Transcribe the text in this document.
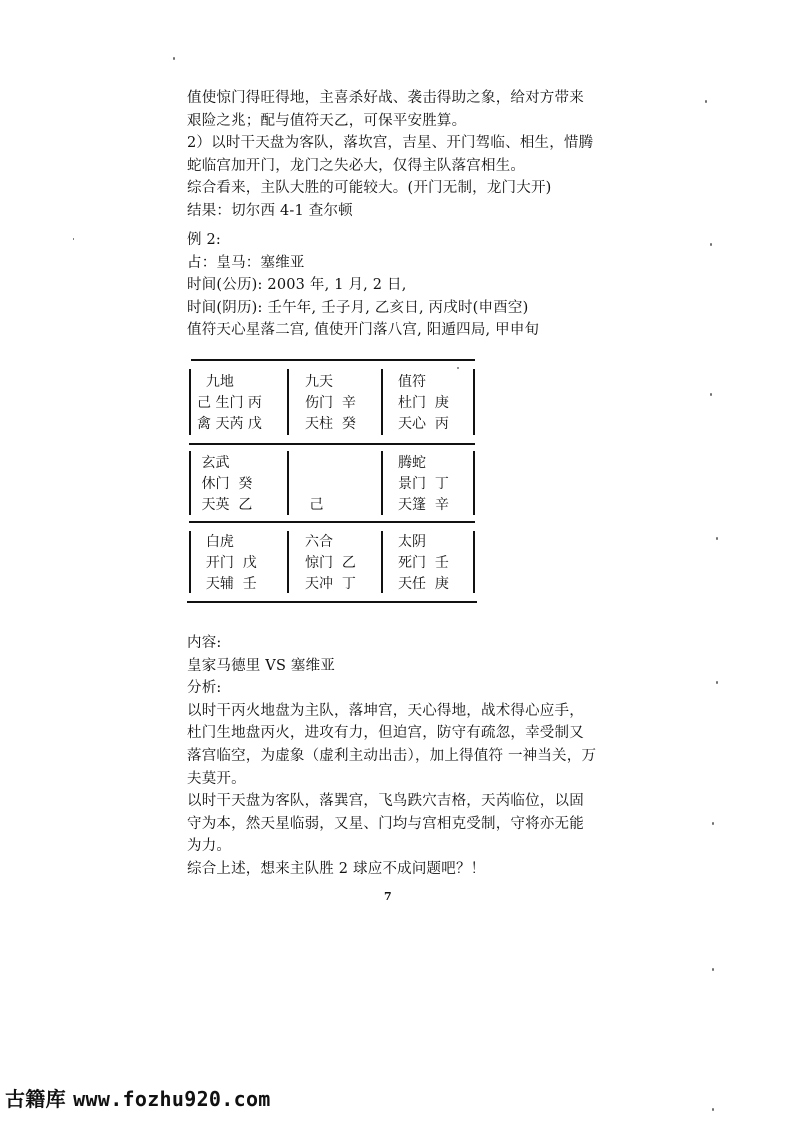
值使惊门得旺得地，主喜杀好战、袭击得助之象，给对方带来
艰险之兆；配与值符天乙，可保平安胜算。
2）以时干天盘为客队，落坎宫，吉星、开门驾临、相生，惜腾
蛇临宫加开门，龙门之失必大，仅得主队落宫相生。
综合看来，主队大胜的可能较大。(开门无制，龙门大开)
结果：切尔西 4-1 查尔顿
例 2:
占：皇马：塞维亚
时间(公历): 2003 年, 1 月, 2 日,
时间(阴历): 壬午年, 壬子月, 乙亥日, 丙戌时(申酉空)
值符天心星落二宫, 值使开门落八宫, 阳遁四局, 甲申旬
九地
己 生门 丙
禽 天芮 戊
九天
伤门  辛
天柱  癸
值符
杜门  庚
天心  丙
玄武
休门  癸
天英  乙

	己
腾蛇
景门  丁
天篷  辛
白虎
开门  戊
天辅  壬
六合
惊门  乙
天冲  丁
太阴
死门  壬
天任  庚
内容:
皇家马德里 VS 塞维亚
分析:
以时干丙火地盘为主队，落坤宫，天心得地，战术得心应手，
杜门生地盘丙火，进攻有力，但迫宫，防守有疏忽，幸受制又
落宫临空，为虚象（虚利主动出击），加上得值符 一神当关，万
夫莫开。
以时干天盘为客队，落巽宫，飞鸟跌穴吉格，天芮临位，以固
守为本，然天星临弱，又星、门均与宫相克受制，守将亦无能
为力。
综合上述，想来主队胜 2 球应不成问题吧？！
7
古籍库 www.fozhu920.com
